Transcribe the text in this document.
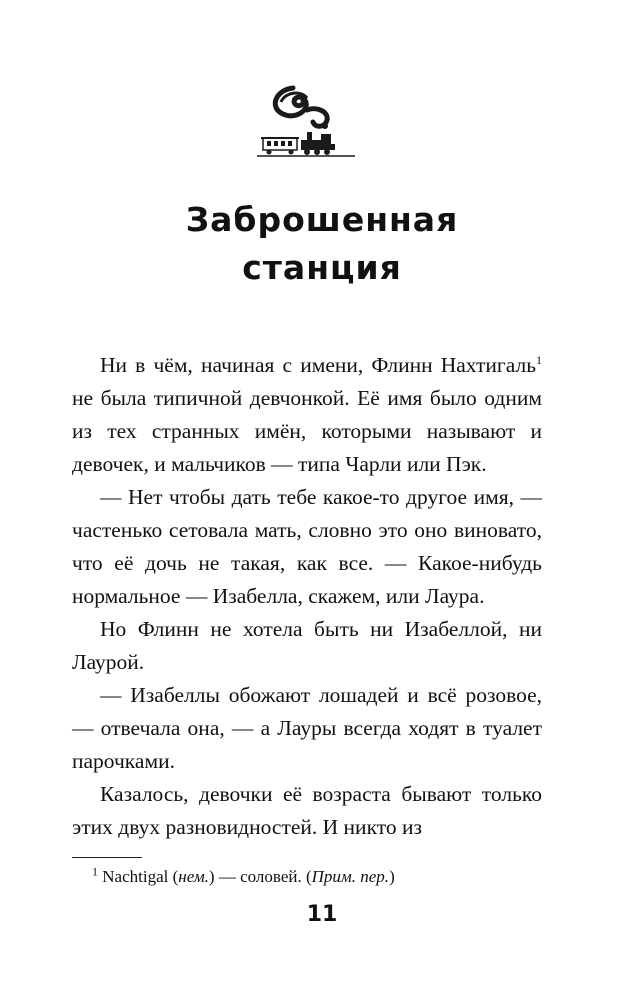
Заброшенная
станция

Ни в чём, начиная с имени, Флинн Нахтигаль$^1$ не была типичной девчонкой. Её имя было одним из тех странных имён, которыми называют и девочек, и мальчиков — типа Чарли или Пэк.

— Нет чтобы дать тебе какое-то другое имя, — частенько сетовала мать, словно это оно виновато, что её дочь не такая, как все. — Какое-нибудь нормальное — Изабелла, скажем, или Лаура.

Но Флинн не хотела быть ни Изабеллой, ни Лаурой.

— Изабеллы обожают лошадей и всё розовое, — отвечала она, — а Лауры всегда ходят в туалет парочками.

Казалось, девочки её возраста бывают только этих двух разновидностей. И никто из

$^1$ Nachtigal (нем.) — соловей. (Прим. пер.)
11
